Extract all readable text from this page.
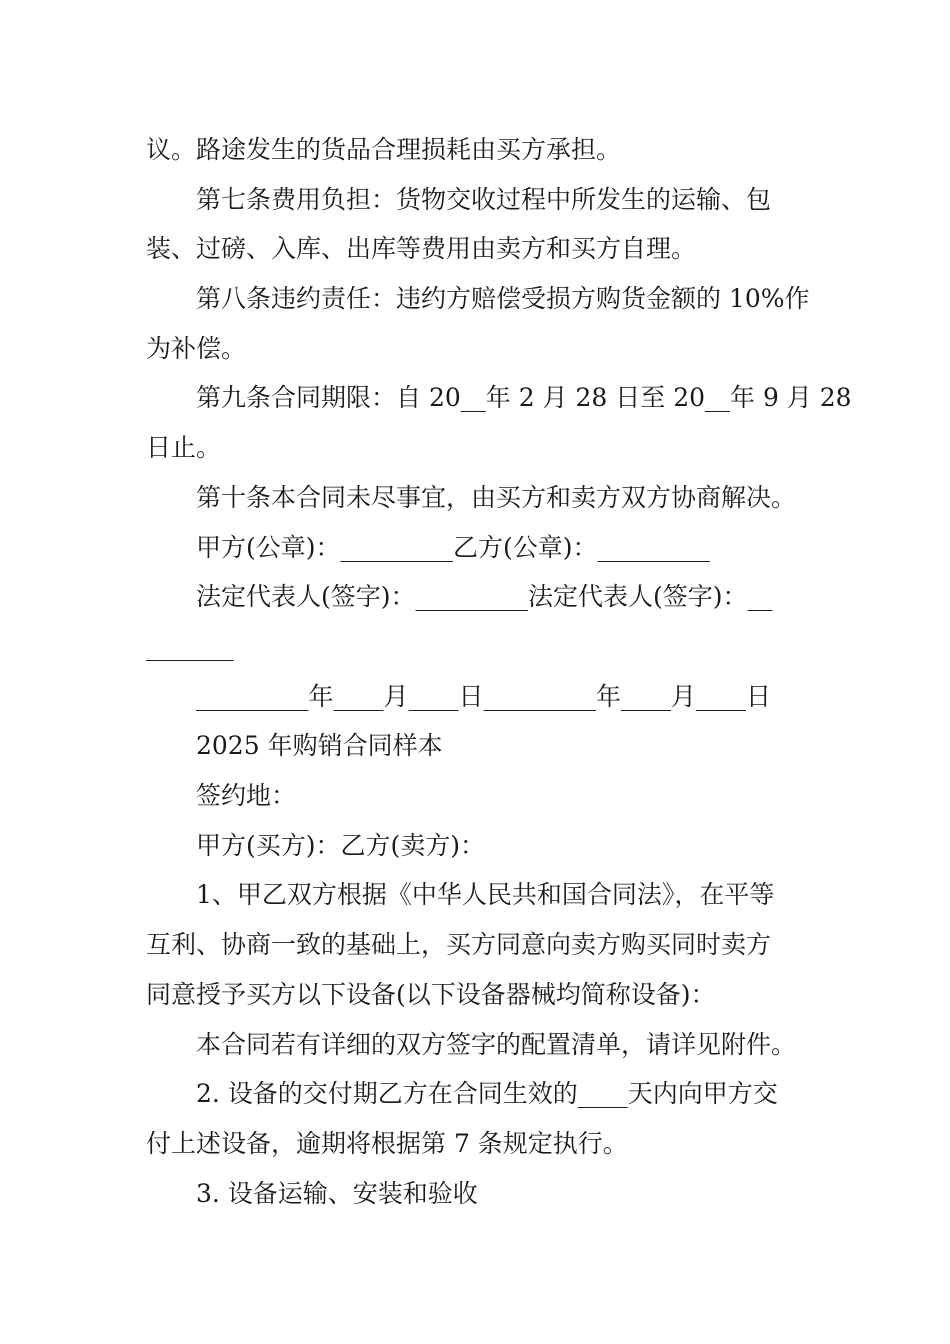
议。路途发生的货品合理损耗由买方承担。
第七条费用负担：货物交收过程中所发生的运输、包
装、过磅、入库、出库等费用由卖方和买方自理。
第八条违约责任：违约方赔偿受损方购货金额的 10%作
为补偿。
第九条合同期限：自 20__年 2 月 28 日至 20__年 9 月 28
日止。
第十条本合同未尽事宜，由买方和卖方双方协商解决。
甲方(公章)：_________乙方(公章)：_________
法定代表人(签字)：_________法定代表人(签字)：__
_______
_________年____月____日_________年____月____日
2025 年购销合同样本
签约地：
甲方(买方)：乙方(卖方)：
1、甲乙双方根据《中华人民共和国合同法》，在平等
互利、协商一致的基础上，买方同意向卖方购买同时卖方
同意授予买方以下设备(以下设备器械均简称设备)：
本合同若有详细的双方签字的配置清单，请详见附件。
2. 设备的交付期乙方在合同生效的____天内向甲方交
付上述设备，逾期将根据第 7 条规定执行。
3. 设备运输、安装和验收
